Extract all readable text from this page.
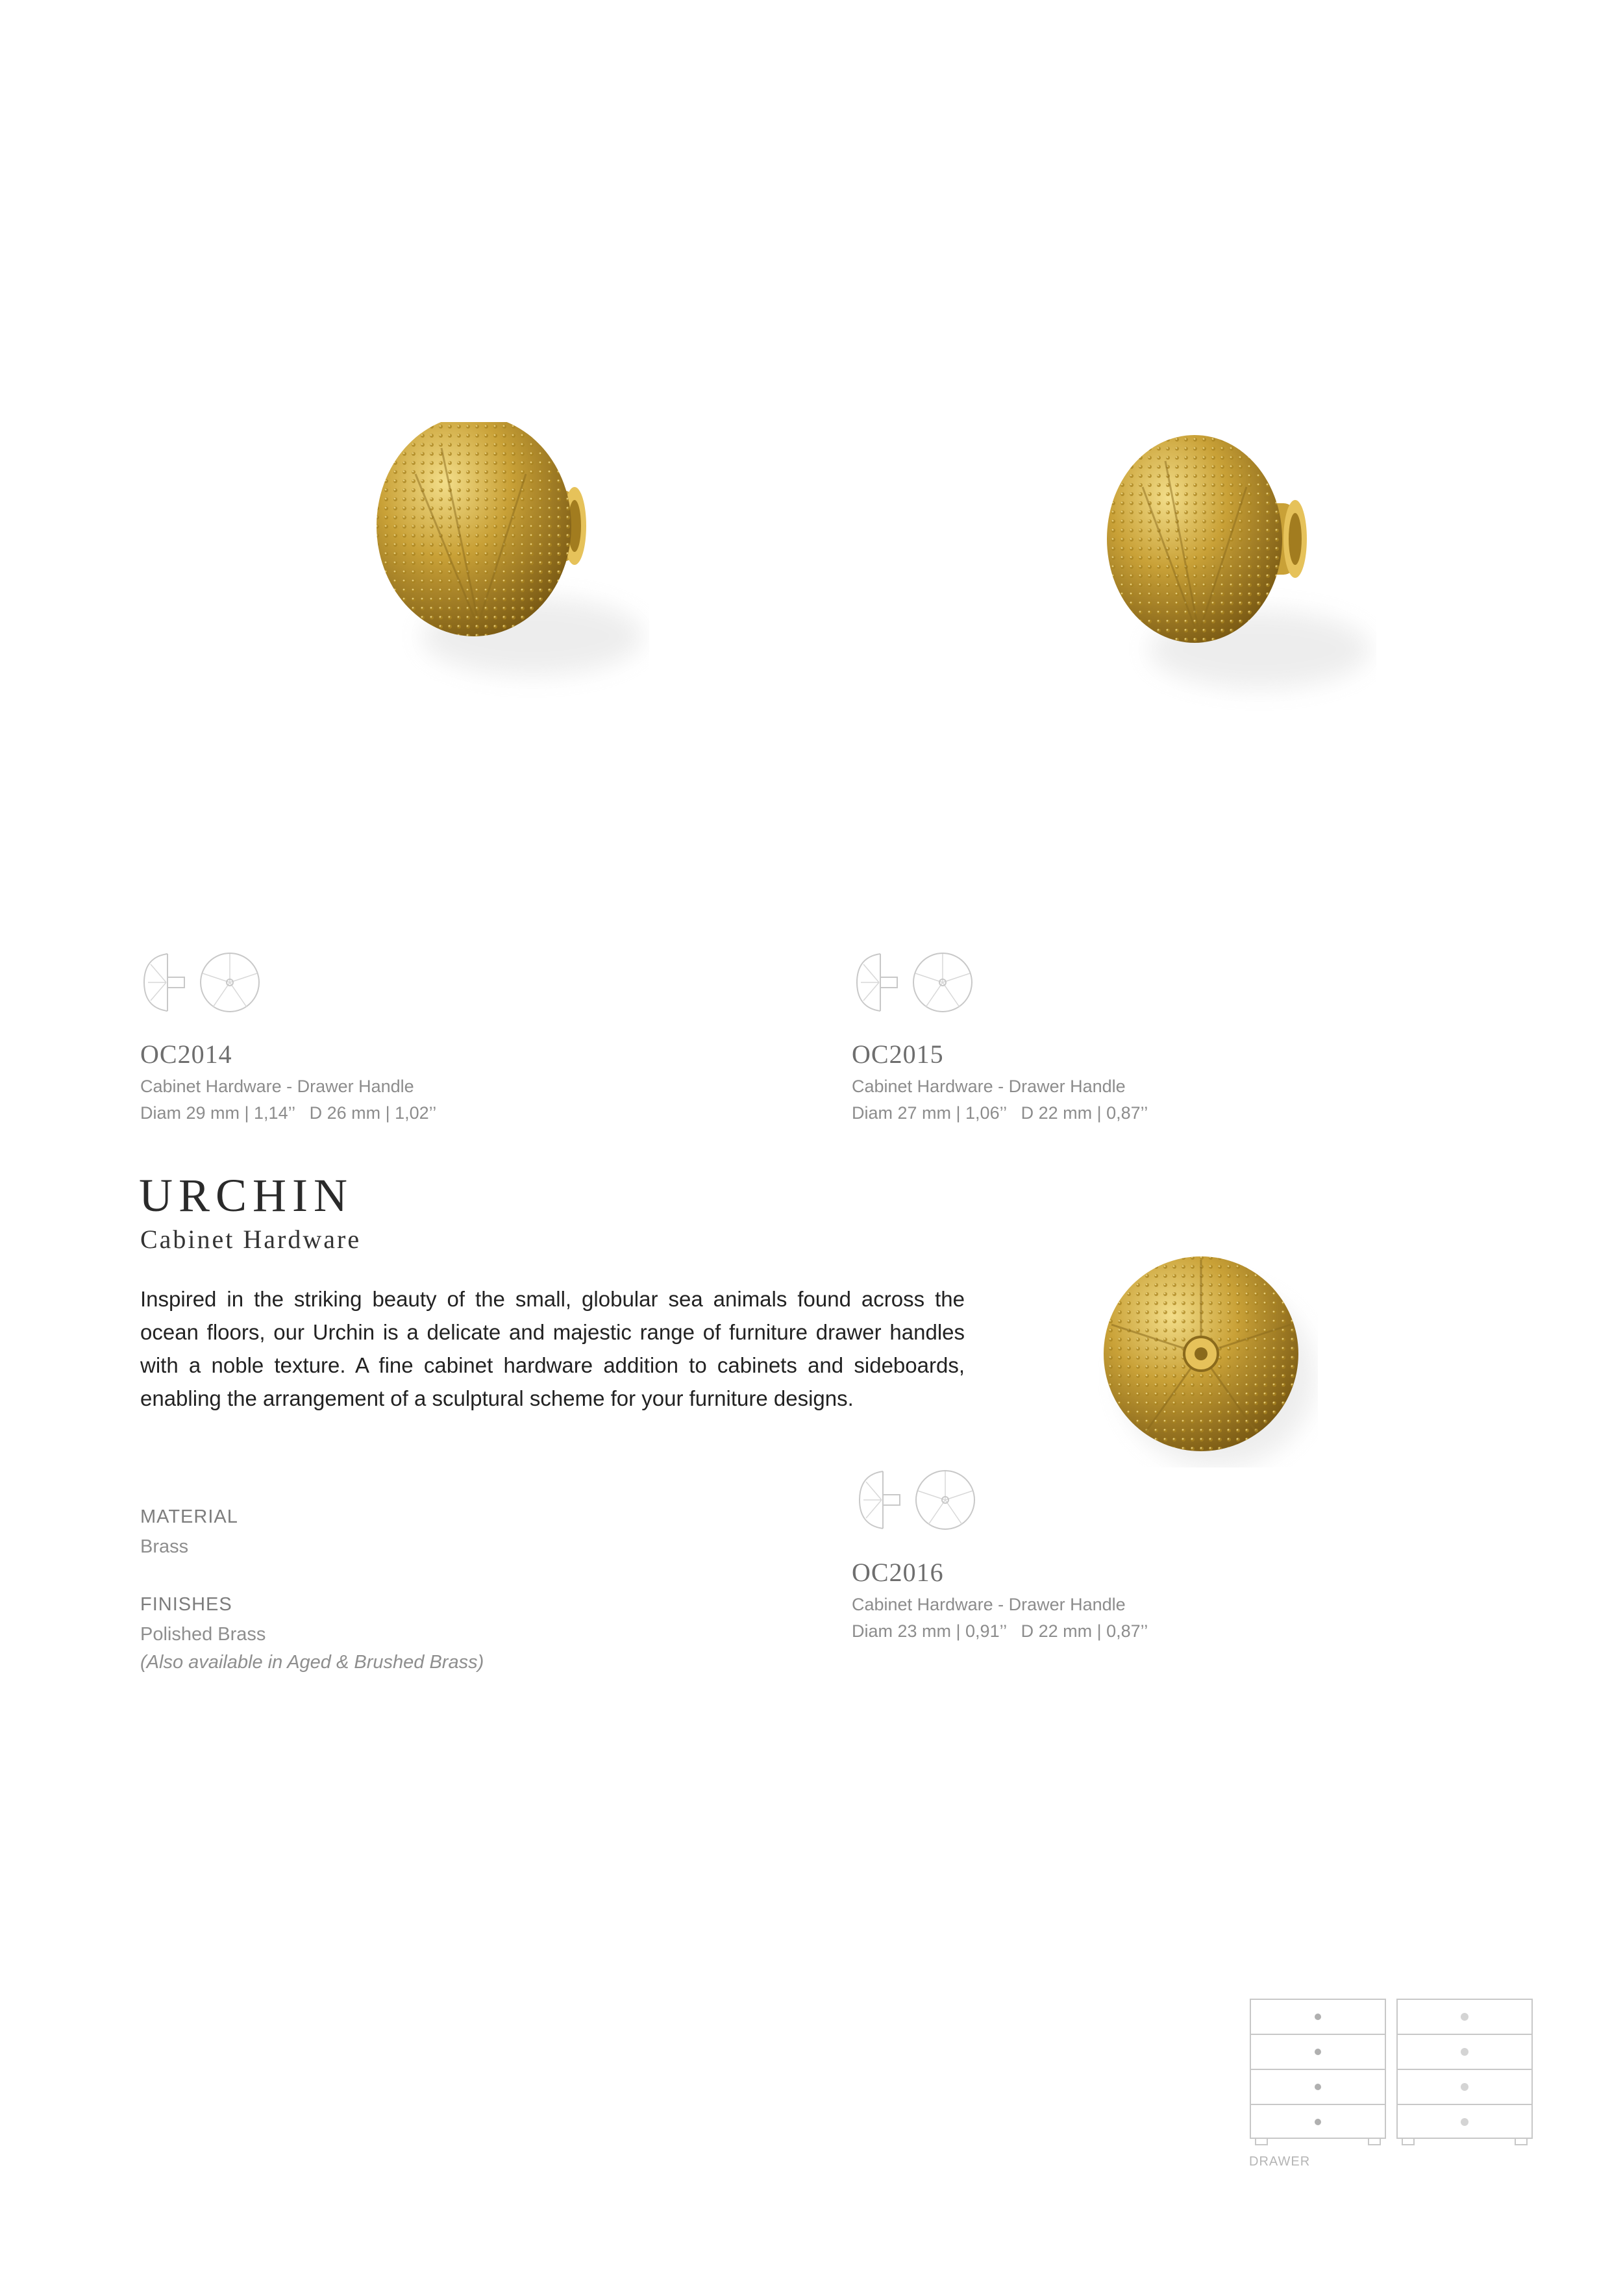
OC2014
Cabinet Hardware - Drawer Handle
Diam 29 mm | 1,14’’   D 26 mm | 1,02’’
OC2015
Cabinet Hardware - Drawer Handle
Diam 27 mm | 1,06’’   D 22 mm | 0,87’’
OC2016
Cabinet Hardware - Drawer Handle
Diam 23 mm | 0,91’’   D 22 mm | 0,87’’
URCHIN
Cabinet Hardware
Inspired in the striking beauty of the small, globular sea animals found across the ocean floors, our Urchin is a delicate and majestic range of furniture drawer handles with a noble texture. A fine cabinet hardware addition to cabinets and sideboards, enabling the arrangement of a sculptural scheme for your furniture designs.
MATERIAL
Brass
FINISHES
Polished Brass
(Also available in Aged & Brushed Brass)
DRAWER
